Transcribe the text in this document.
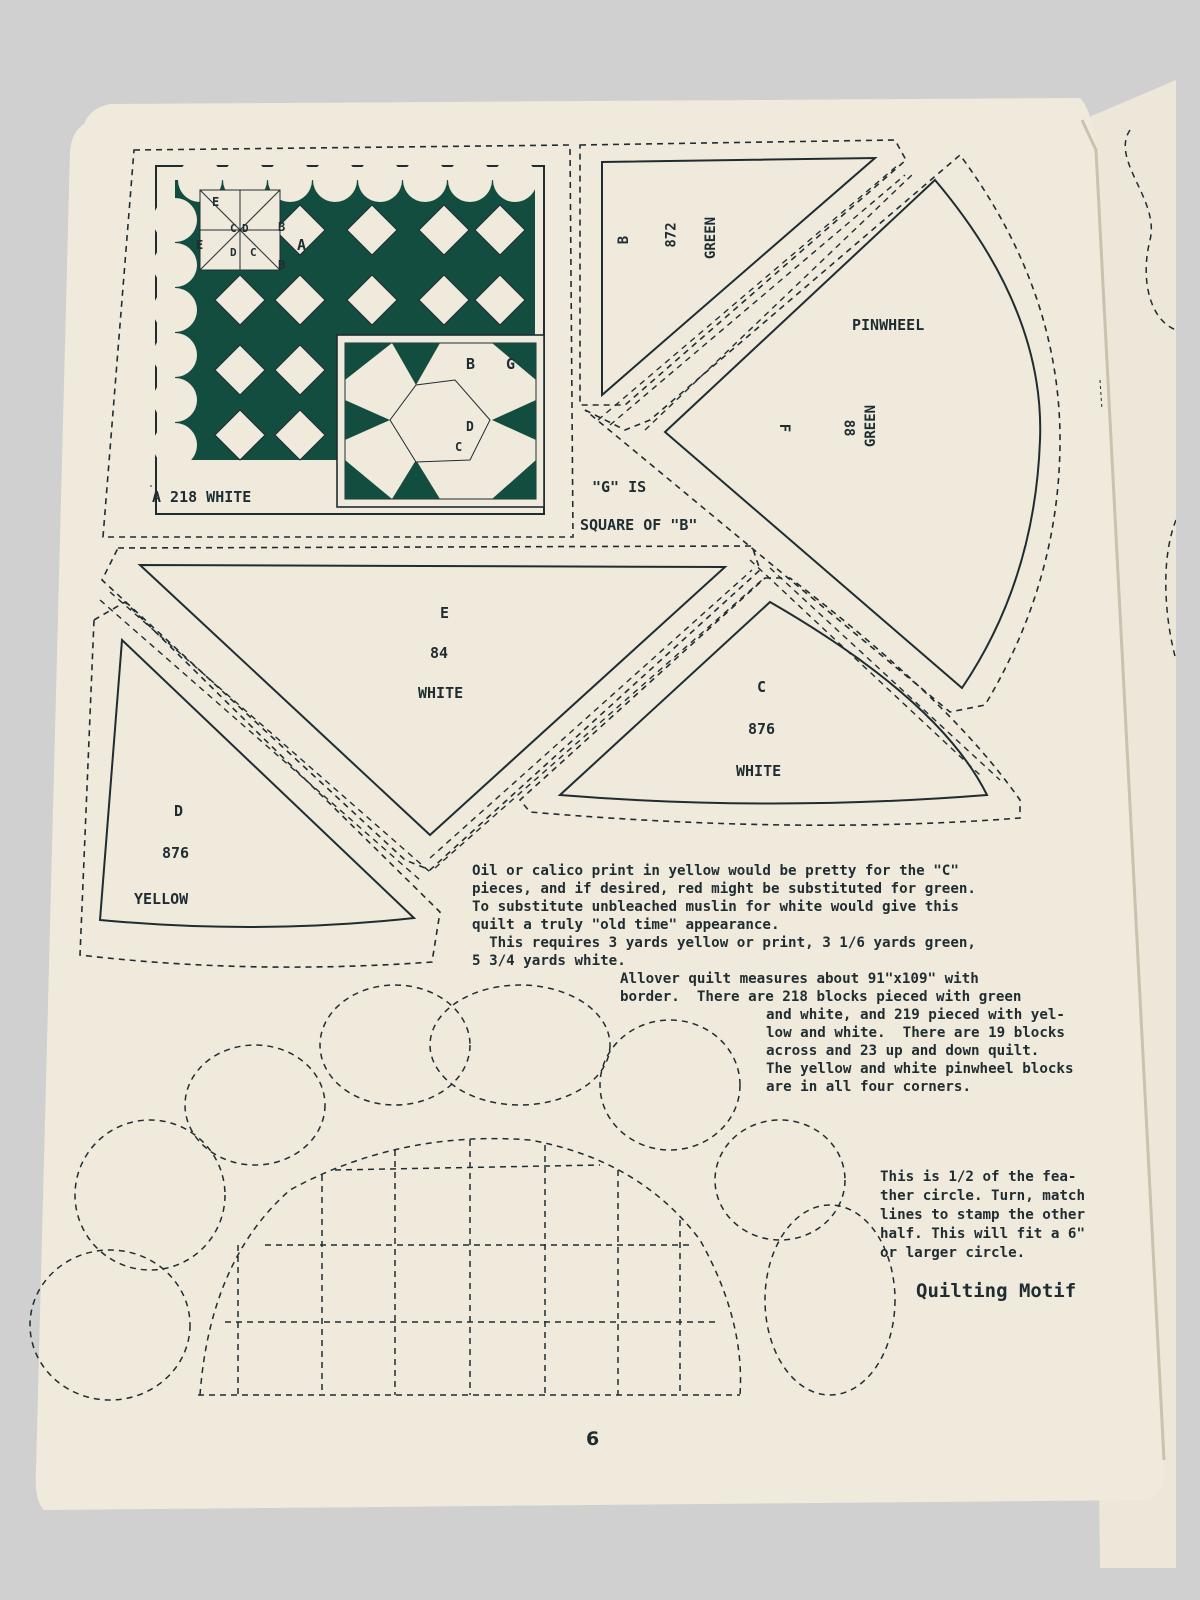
F
E
E
F
C D
D C
B
A
B
B G
D
C
A 218 WHITE
B 872 GREEN
PINWHEEL
F	88 GREEN
"G" IS
SQUARE OF "B"
E
84
WHITE	C
876
WHITE
D
876
YELLOW
Oil or calico print in yellow would be pretty for the "C"
pieces, and if desired, red might be substituted for green.
To substitute unbleached muslin for white would give this
quilt a truly "old time" appearance.
This requires 3 yards yellow or print, 3 1/6 yards green,
5 3/4 yards white.
Allover quilt measures about 91"x109" with
border.  There are 218 blocks pieced with green
and white, and 219 pieced with yel-
low and white.  There are 19 blocks
across and 23 up and down quilt.
The yellow and white pinwheel blocks
are in all four corners.
This is 1/2 of the fea-
ther circle. Turn, match
lines to stamp the other
half. This will fit a 6"
or larger circle.
Quilting Motif
6
